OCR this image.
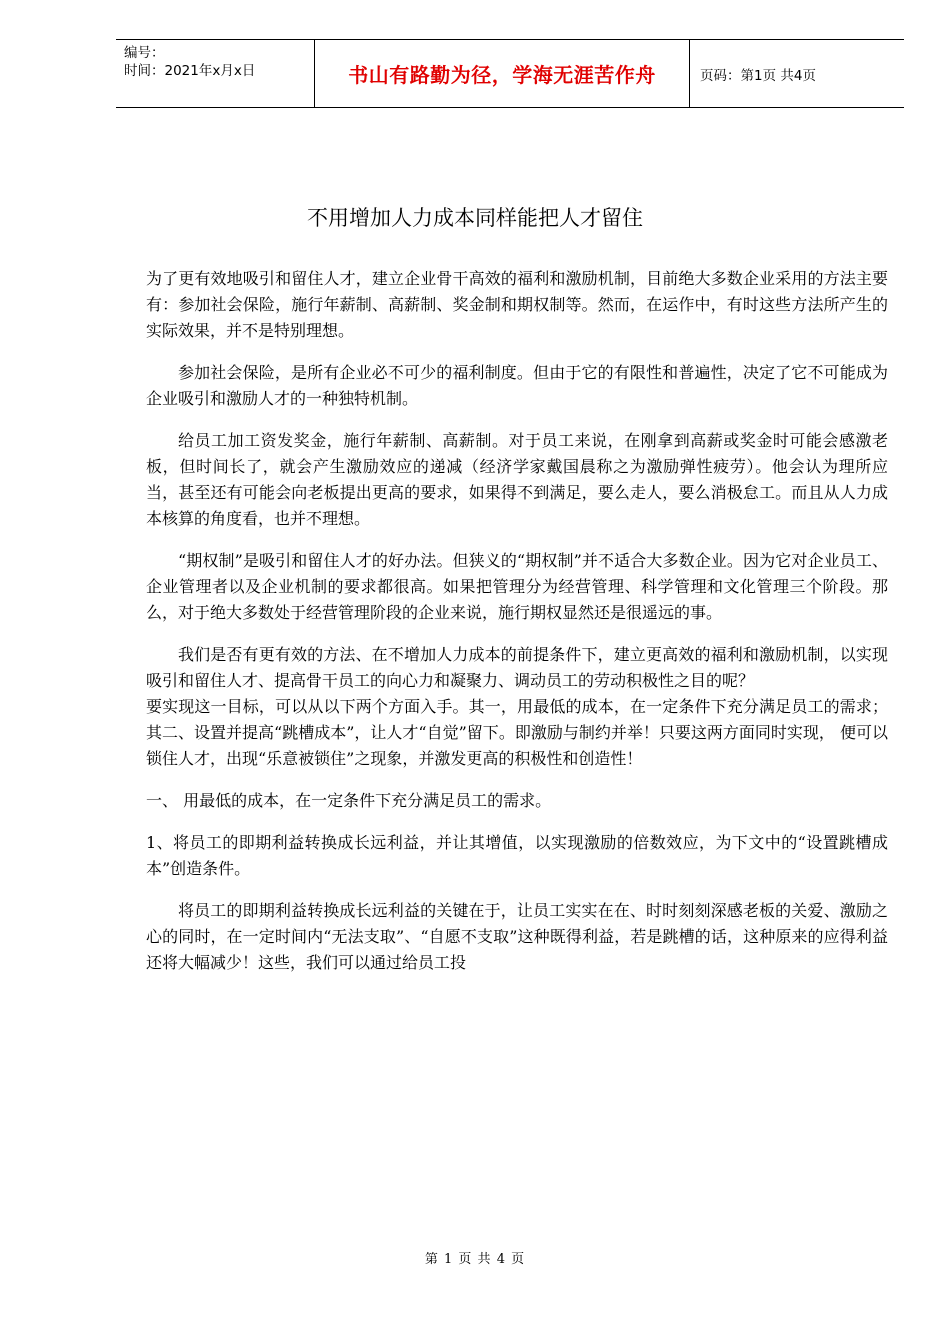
编号：
时间：2021年x月x日	书山有路勤为径，学海无涯苦作舟	页码：第1页 共4页
不用增加人力成本同样能把人才留住

为了更有效地吸引和留住人才，建立企业骨干高效的福利和激励机制，目前绝大多数企业采用的方法主要有：参加社会保险，施行年薪制、高薪制、奖金制和期权制等。然而，在运作中，有时这些方法所产生的实际效果，并不是特别理想。

参加社会保险，是所有企业必不可少的福利制度。但由于它的有限性和普遍性，决定了它不可能成为企业吸引和激励人才的一种独特机制。

给员工加工资发奖金，施行年薪制、高薪制。对于员工来说，在刚拿到高薪或奖金时可能会感激老板，但时间长了，就会产生激励效应的递减（经济学家戴国晨称之为激励弹性疲劳）。他会认为理所应当，甚至还有可能会向老板提出更高的要求，如果得不到满足，要么走人，要么消极怠工。而且从人力成本核算的角度看，也并不理想。

“期权制”是吸引和留住人才的好办法。但狭义的“期权制”并不适合大多数企业。因为它对企业员工、企业管理者以及企业机制的要求都很高。如果把管理分为经营管理、科学管理和文化管理三个阶段。那么，对于绝大多数处于经营管理阶段的企业来说，施行期权显然还是很遥远的事。

我们是否有更有效的方法、在不增加人力成本的前提条件下，建立更高效的福利和激励机制，以实现吸引和留住人才、提高骨干员工的向心力和凝聚力、调动员工的劳动积极性之目的呢？

要实现这一目标，可以从以下两个方面入手。其一，用最低的成本，在一定条件下充分满足员工的需求；其二、设置并提高“跳槽成本”，让人才“自觉”留下。即激励与制约并举！只要这两方面同时实现， 便可以锁住人才，出现“乐意被锁住”之现象，并激发更高的积极性和创造性！

一、 用最低的成本，在一定条件下充分满足员工的需求。

1、将员工的即期利益转换成长远利益，并让其增值，以实现激励的倍数效应，为下文中的“设置跳槽成本”创造条件。

将员工的即期利益转换成长远利益的关键在于，让员工实实在在、时时刻刻深感老板的关爱、激励之心的同时，在一定时间内“无法支取”、“自愿不支取”这种既得利益，若是跳槽的话，这种原来的应得利益还将大幅减少！这些，我们可以通过给员工投

第 1 页 共 4 页
